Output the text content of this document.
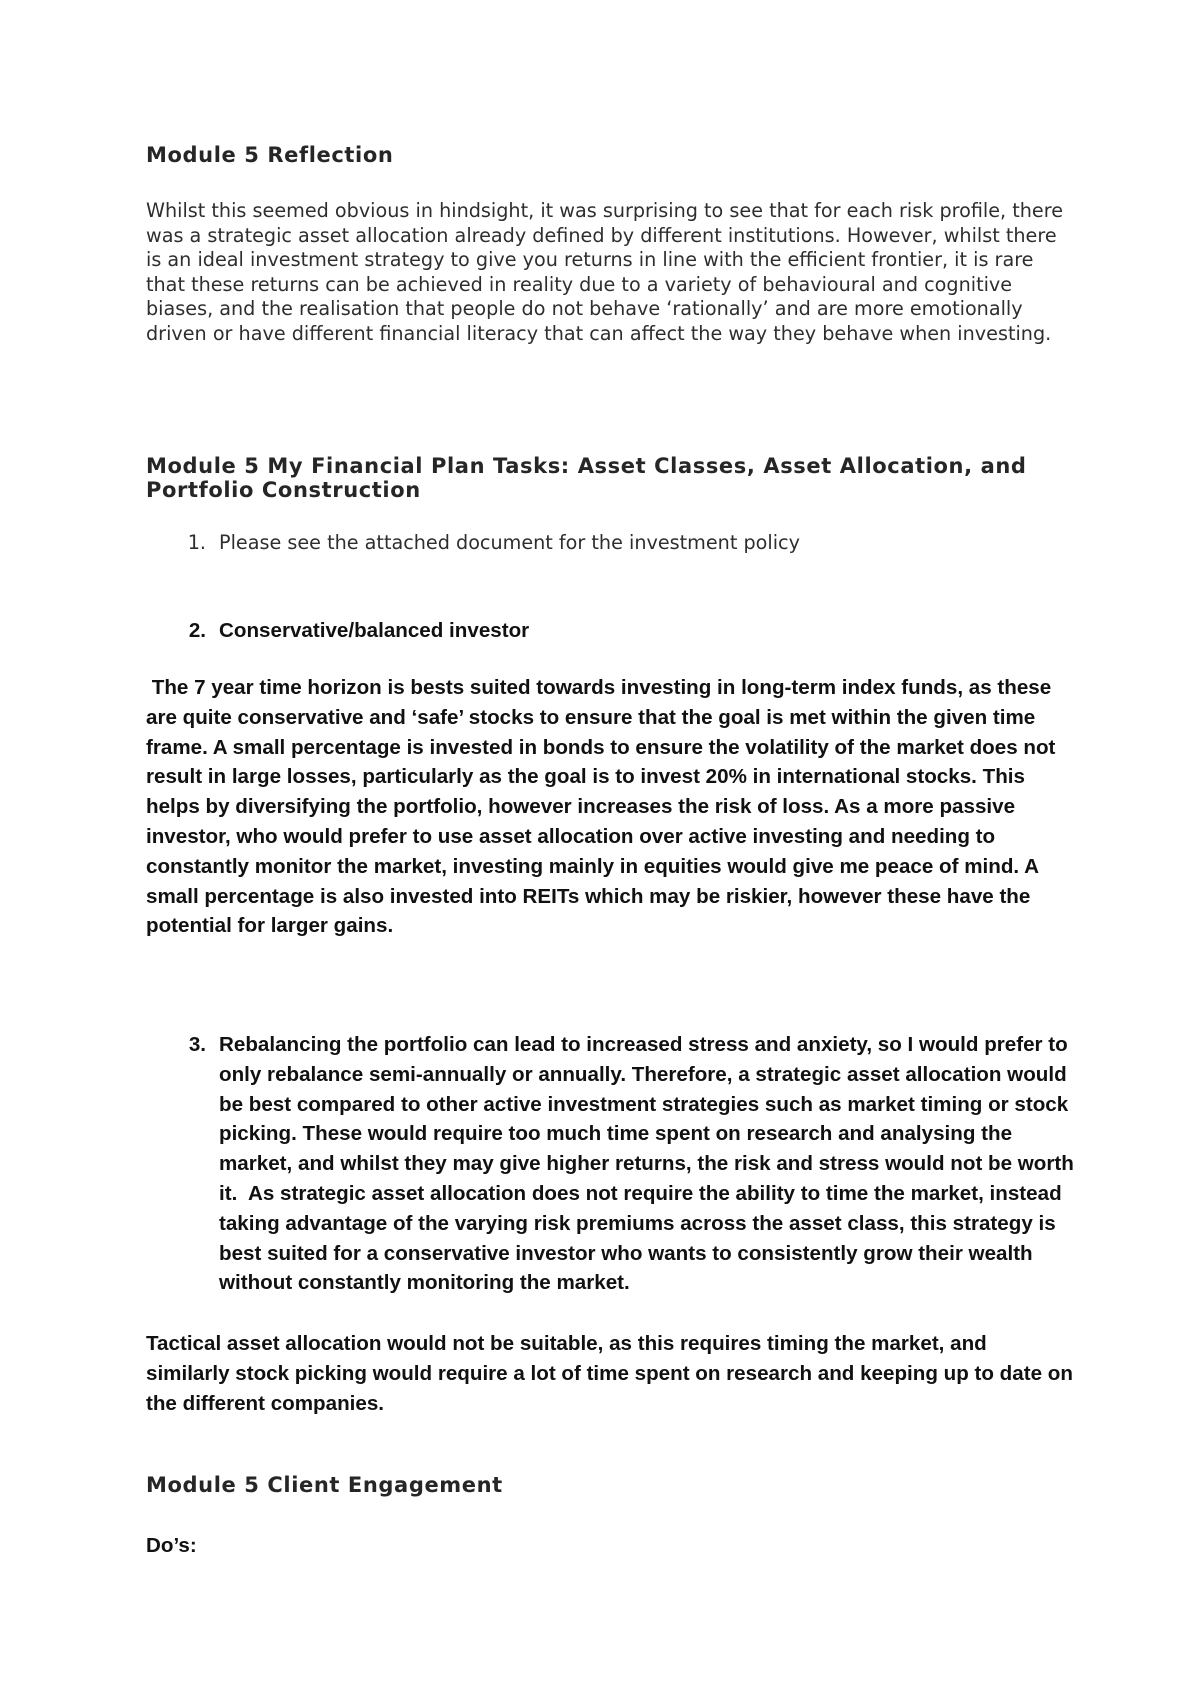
Module 5 Reflection

Whilst this seemed obvious in hindsight, it was surprising to see that for each risk profile, there was a strategic asset allocation already defined by different institutions. However, whilst there is an ideal investment strategy to give you returns in line with the efficient frontier, it is rare that these returns can be achieved in reality due to a variety of behavioural and cognitive biases, and the realisation that people do not behave ‘rationally’ and are more emotionally driven or have different financial literacy that can affect the way they behave when investing.

Module 5 My Financial Plan Tasks: Asset Classes, Asset Allocation, and Portfolio Construction
1. Please see the attached document for the investment policy
2. Conservative/balanced investor

The 7 year time horizon is bests suited towards investing in long-term index funds, as these are quite conservative and ‘safe’ stocks to ensure that the goal is met within the given time frame. A small percentage is invested in bonds to ensure the volatility of the market does not result in large losses, particularly as the goal is to invest 20% in international stocks. This helps by diversifying the portfolio, however increases the risk of loss. As a more passive investor, who would prefer to use asset allocation over active investing and needing to constantly monitor the market, investing mainly in equities would give me peace of mind. A small percentage is also invested into REITs which may be riskier, however these have the potential for larger gains.

3. Rebalancing the portfolio can lead to increased stress and anxiety, so I would prefer to only rebalance semi-annually or annually. Therefore, a strategic asset allocation would be best compared to other active investment strategies such as market timing or stock picking. These would require too much time spent on research and analysing the market, and whilst they may give higher returns, the risk and stress would not be worth it.  As strategic asset allocation does not require the ability to time the market, instead taking advantage of the varying risk premiums across the asset class, this strategy is best suited for a conservative investor who wants to consistently grow their wealth without constantly monitoring the market.

Tactical asset allocation would not be suitable, as this requires timing the market, and similarly stock picking would require a lot of time spent on research and keeping up to date on the different companies.

Module 5 Client Engagement

Do’s:
